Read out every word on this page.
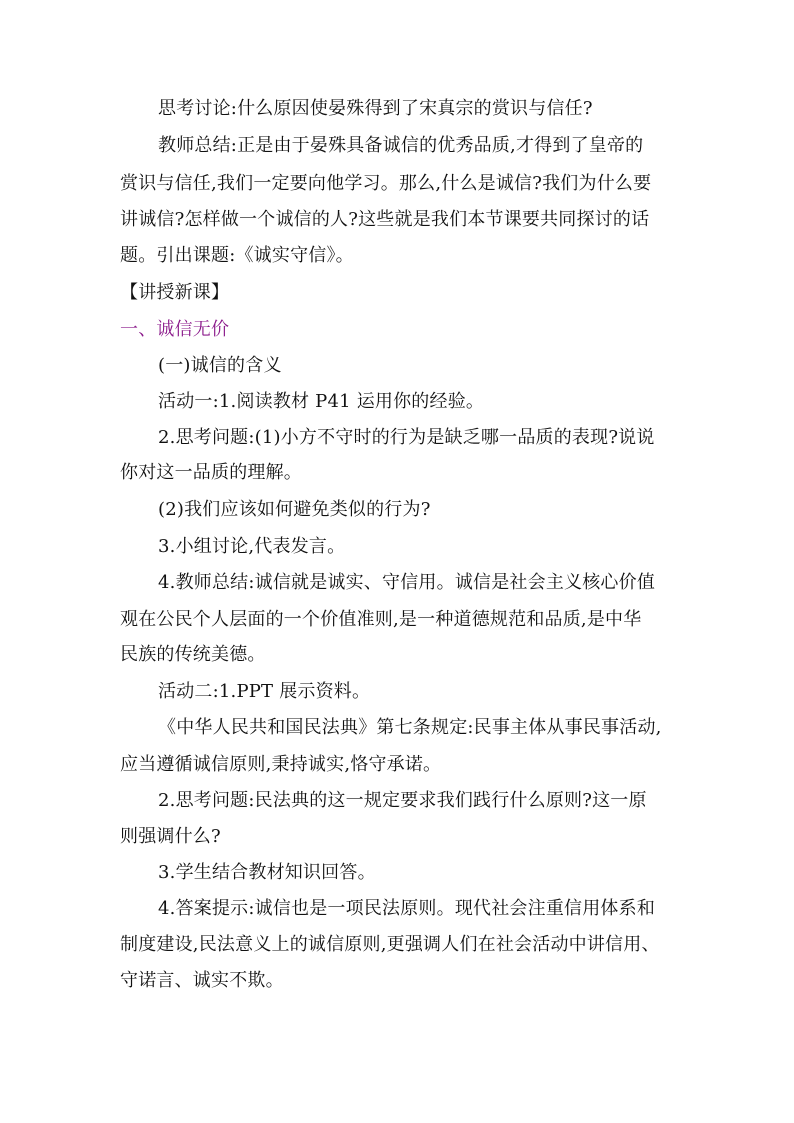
思考讨论:什么原因使晏殊得到了宋真宗的赏识与信任?
教师总结:正是由于晏殊具备诚信的优秀品质,才得到了皇帝的
赏识与信任,我们一定要向他学习。那么,什么是诚信?我们为什么要
讲诚信?怎样做一个诚信的人?这些就是我们本节课要共同探讨的话
题。引出课题:《诚实守信》。
【讲授新课】
一、诚信无价
(一)诚信的含义
活动一:1.阅读教材 P41 运用你的经验。
2.思考问题:(1)小方不守时的行为是缺乏哪一品质的表现?说说
你对这一品质的理解。
(2)我们应该如何避免类似的行为?
3.小组讨论,代表发言。
4.教师总结:诚信就是诚实、守信用。诚信是社会主义核心价值
观在公民个人层面的一个价值准则,是一种道德规范和品质,是中华
民族的传统美德。
活动二:1.PPT 展示资料。
《中华人民共和国民法典》第七条规定:民事主体从事民事活动,
应当遵循诚信原则,秉持诚实,恪守承诺。
2.思考问题:民法典的这一规定要求我们践行什么原则?这一原
则强调什么?
3.学生结合教材知识回答。
4.答案提示:诚信也是一项民法原则。现代社会注重信用体系和
制度建设,民法意义上的诚信原则,更强调人们在社会活动中讲信用、
守诺言、诚实不欺。
